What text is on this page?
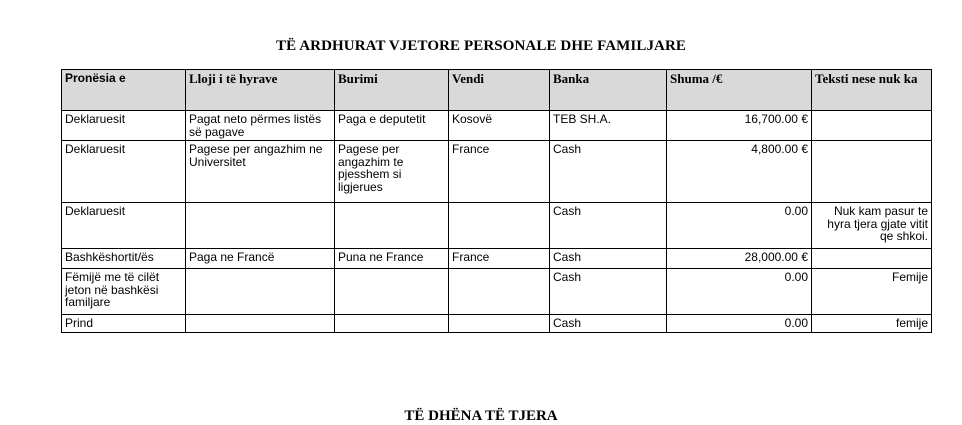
TË ARDHURAT VJETORE PERSONALE DHE FAMILJARE
Pronësia e	Lloji i të hyrave	Burimi	Vendi	Banka	Shuma /€	Teksti nese nuk ka
Deklaruesit	Pagat neto përmes listës së pagave	Paga e deputetit	Kosovë	TEB SH.A.	16,700.00 €	
Deklaruesit	Pagese per angazhim ne Universitet	Pagese per angazhim te pjesshem si ligjerues	France	Cash	4,800.00 €	
Deklaruesit				Cash	0.00	Nuk kam pasur te hyra tjera gjate vitit qe shkoi.
Bashkëshortit/ës	Paga ne Francë	Puna ne France	France	Cash	28,000.00 €	
Fëmijë me të cilët jeton në bashkësi familjare				Cash	0.00	Femije
Prind				Cash	0.00	femije
TË DHËNA TË TJERA
